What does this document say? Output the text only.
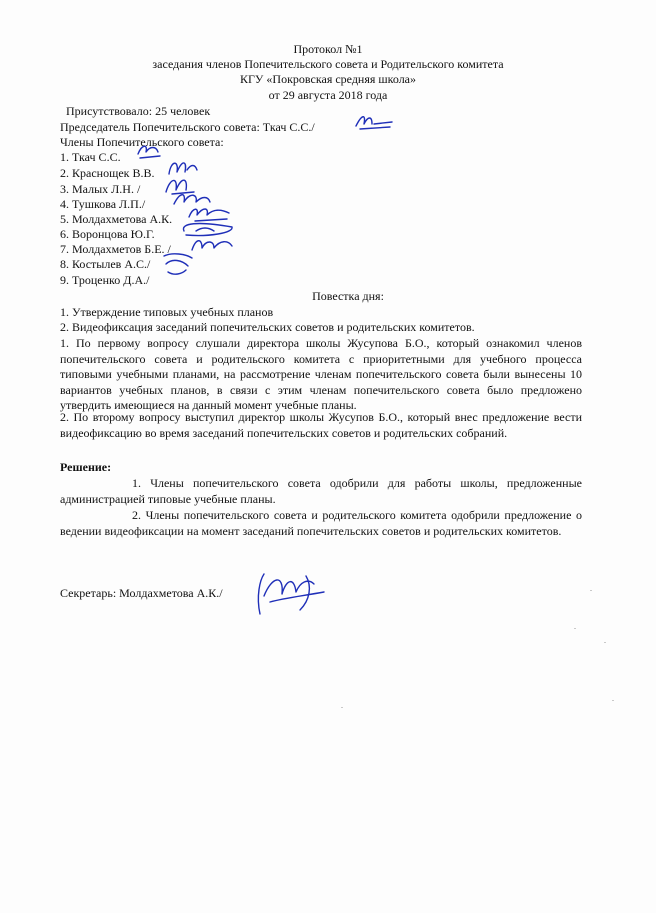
Протокол №1
заседания членов Попечительского совета и Родительского комитета
КГУ «Покровская средняя школа»
от 29 августа 2018 года
Присутствовало: 25 человек
Председатель Попечительского совета: Ткач С.С./
Члены Попечительского совета:
1. Ткач С.С.
2. Краснощек В.В.
3. Малых Л.Н. /
4. Тушкова Л.П./
5. Молдахметова А.К.
6. Воронцова Ю.Г.
7. Молдахметов Б.Е. /
8. Костылев А.С./
9. Троценко Д.А./
Повестка дня:
1. Утверждение типовых учебных планов
2. Видеофиксация заседаний попечительских советов и родительских комитетов.
1. По первому вопросу слушали директора школы Жусупова Б.О., который ознакомил членов попечительского совета и родительского комитета с приоритетными для учебного процесса типовыми учебными планами, на рассмотрение членам попечительского совета были вынесены 10 вариантов учебных планов, в связи с этим членам попечительского совета было предложено утвердить имеющиеся на данный момент учебные планы.
2. По второму вопросу выступил директор школы Жусупов Б.О., который внес предложение вести видеофиксацию во время заседаний попечительских советов и родительских собраний.
Решение:
1. Члены попечительского совета одобрили для работы школы, предложенные администрацией типовые учебные планы.
2. Члены попечительского совета и родительского комитета одобрили предложение о ведении видеофиксации на момент заседаний попечительских советов и родительских комитетов.
Секретарь: Молдахметова А.К./
